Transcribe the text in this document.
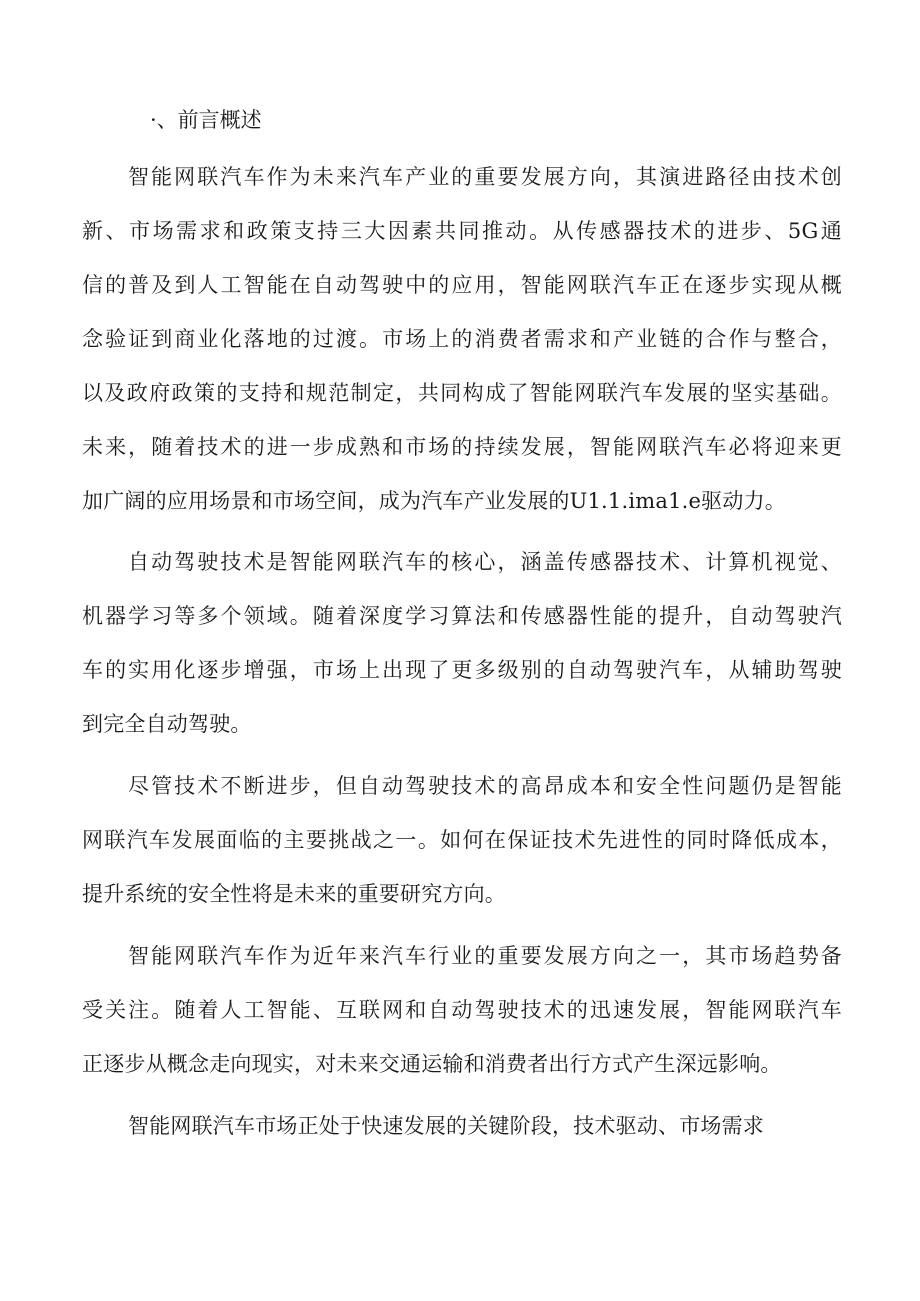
·、前言概述
智能网联汽车作为未来汽车产业的重要发展方向，其演进路径由技术创
新、市场需求和政策支持三大因素共同推动。从传感器技术的进步、5G通
信的普及到人工智能在自动驾驶中的应用，智能网联汽车正在逐步实现从概
念验证到商业化落地的过渡。市场上的消费者需求和产业链的合作与整合，
以及政府政策的支持和规范制定，共同构成了智能网联汽车发展的坚实基础。
未来，随着技术的进一步成熟和市场的持续发展，智能网联汽车必将迎来更
加广阔的应用场景和市场空间，成为汽车产业发展的U1.1.ima1.e驱动力。
自动驾驶技术是智能网联汽车的核心，涵盖传感器技术、计算机视觉、
机器学习等多个领域。随着深度学习算法和传感器性能的提升，自动驾驶汽
车的实用化逐步增强，市场上出现了更多级别的自动驾驶汽车，从辅助驾驶
到完全自动驾驶。
尽管技术不断进步，但自动驾驶技术的高昂成本和安全性问题仍是智能
网联汽车发展面临的主要挑战之一。如何在保证技术先进性的同时降低成本，
提升系统的安全性将是未来的重要研究方向。
智能网联汽车作为近年来汽车行业的重要发展方向之一，其市场趋势备
受关注。随着人工智能、互联网和自动驾驶技术的迅速发展，智能网联汽车
正逐步从概念走向现实，对未来交通运输和消费者出行方式产生深远影响。
智能网联汽车市场正处于快速发展的关键阶段，技术驱动、市场需求
